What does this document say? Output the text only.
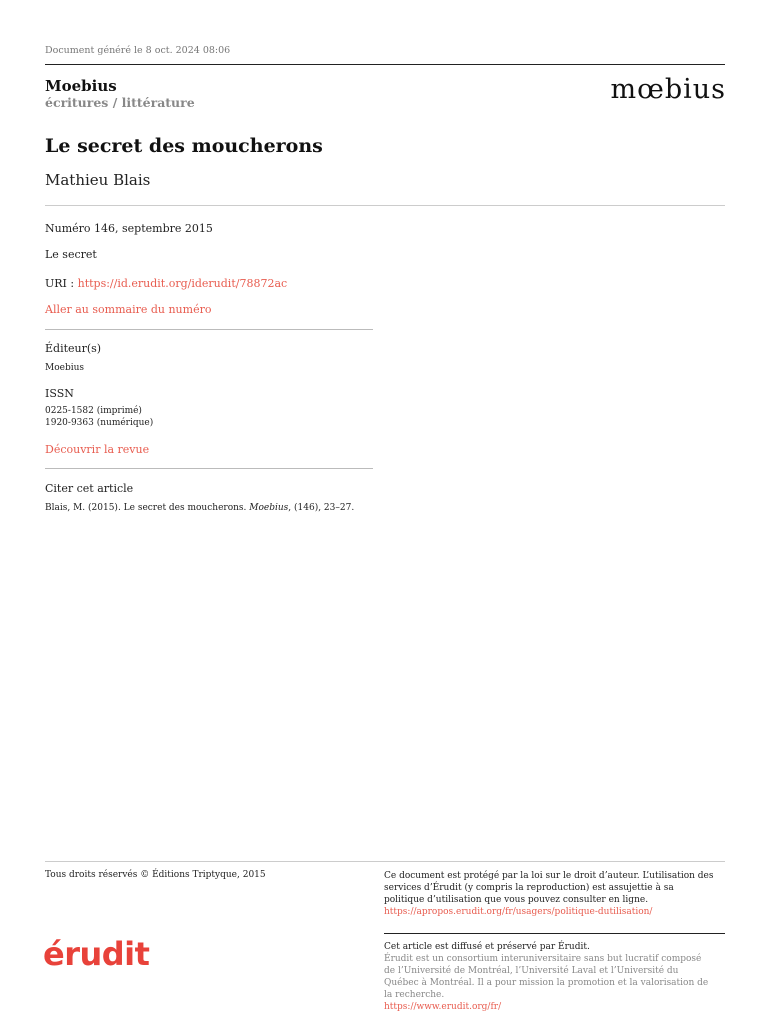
Document généré le 8 oct. 2024 08:06
Moebius
écritures / littérature	mœbius
Le secret des moucherons
Mathieu Blais
Numéro 146, septembre 2015
Le secret
URI : https://id.erudit.org/iderudit/78872ac
Aller au sommaire du numéro
Éditeur(s)
Moebius
ISSN
0225-1582 (imprimé)
1920-9363 (numérique)
Découvrir la revue
Citer cet article
Blais, M. (2015). Le secret des moucherons. Moebius, (146), 23–27.
Tous droits réservés © Éditions Triptyque, 2015	Ce document est protégé par la loi sur le droit d’auteur. L’utilisation des services d’Érudit (y compris la reproduction) est assujettie à sa politique d’utilisation que vous pouvez consulter en ligne.
https://apropos.erudit.org/fr/usagers/politique-dutilisation/
érudit	Cet article est diffusé et préservé par Érudit.
Érudit est un consortium interuniversitaire sans but lucratif composé de l’Université de Montréal, l’Université Laval et l’Université du Québec à Montréal. Il a pour mission la promotion et la valorisation de la recherche.
https://www.erudit.org/fr/
